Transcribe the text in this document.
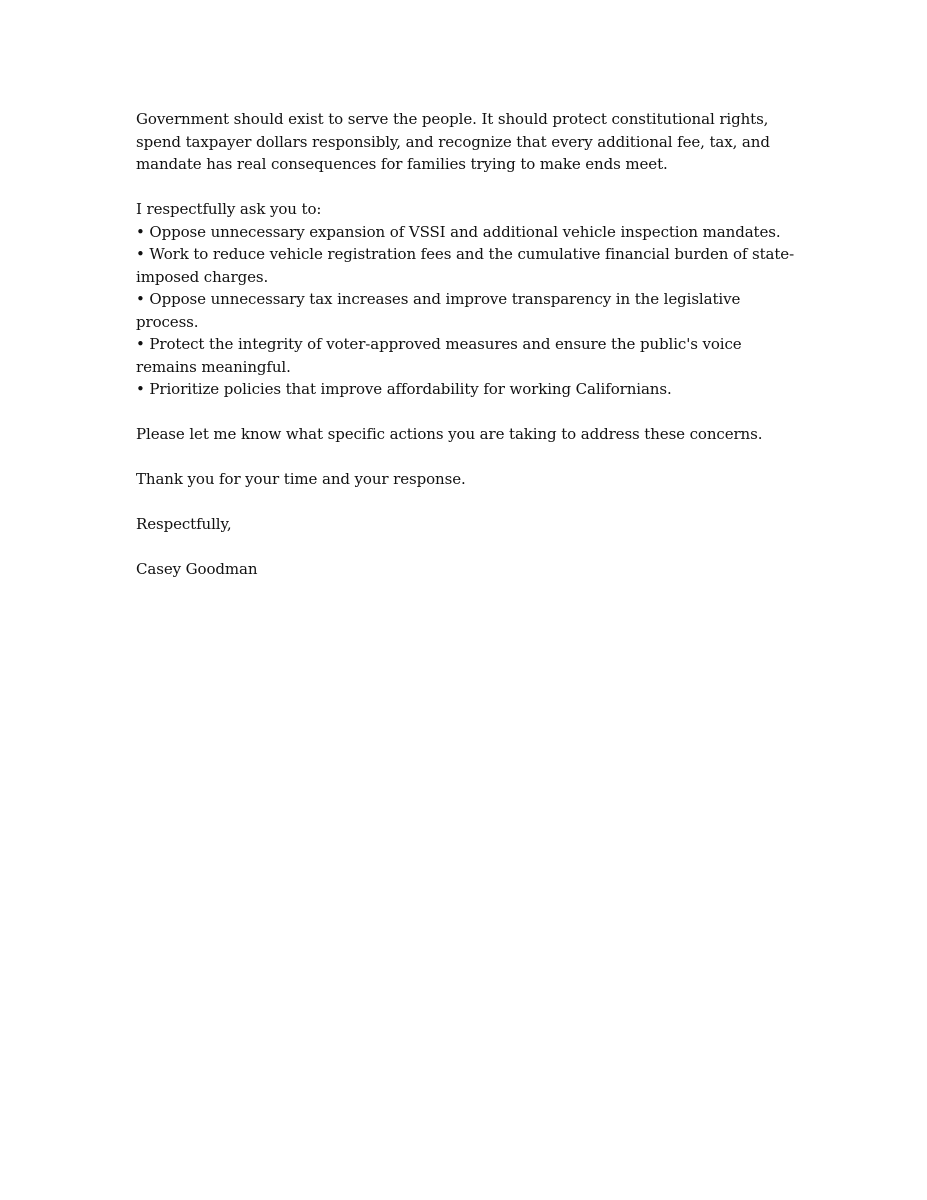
Government should exist to serve the people. It should protect constitutional rights, spend taxpayer dollars responsibly, and recognize that every additional fee, tax, and mandate has real consequences for families trying to make ends meet.

I respectfully ask you to:

• Oppose unnecessary expansion of VSSI and additional vehicle inspection mandates.
• Work to reduce vehicle registration fees and the cumulative financial burden of state-imposed charges.
• Oppose unnecessary tax increases and improve transparency in the legislative process.
• Protect the integrity of voter-approved measures and ensure the public's voice remains meaningful.
• Prioritize policies that improve affordability for working Californians.

Please let me know what specific actions you are taking to address these concerns.

Thank you for your time and your response.

Respectfully,

Casey Goodman
